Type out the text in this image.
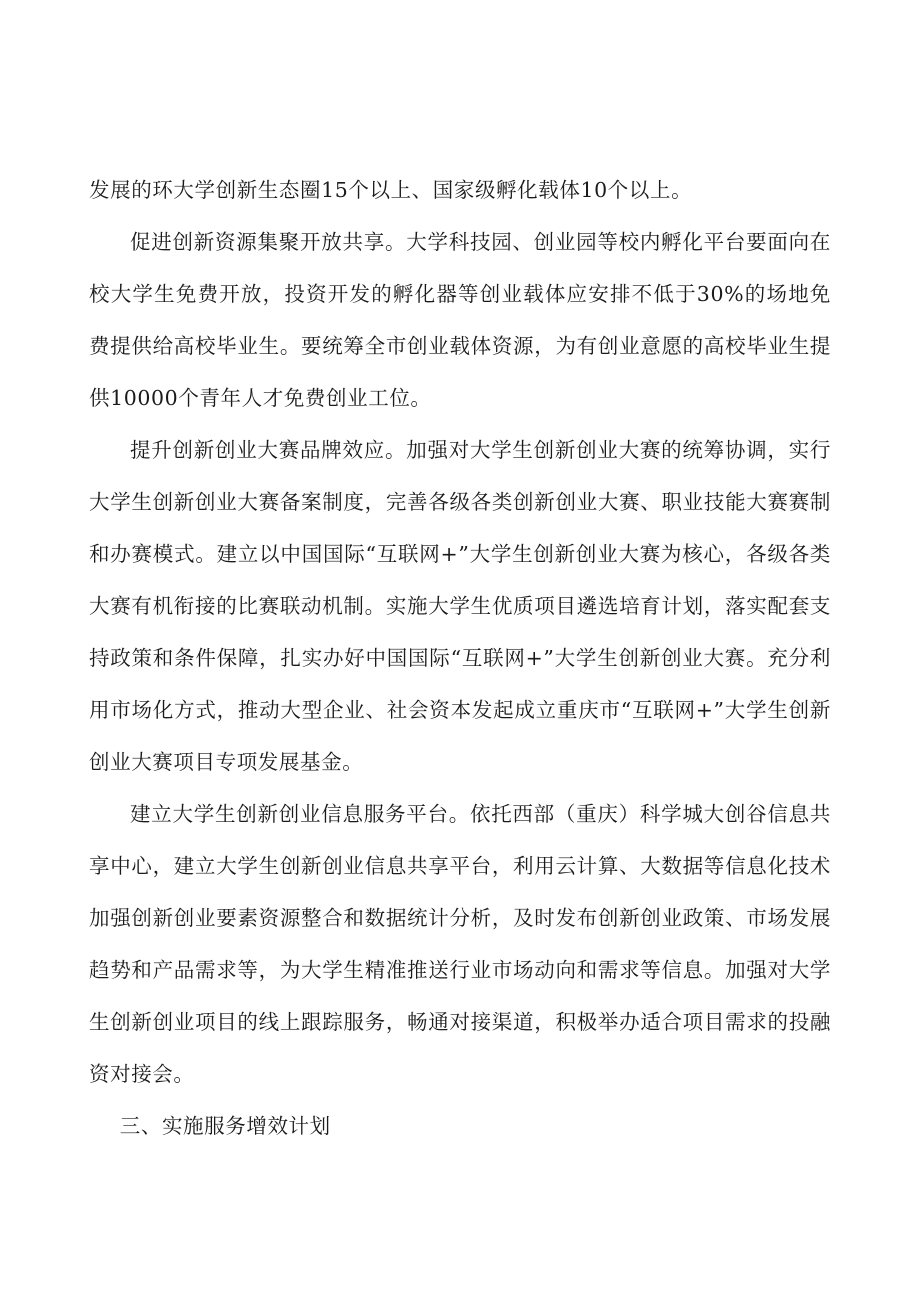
发展的环大学创新生态圈15个以上、国家级孵化载体10个以上。

促进创新资源集聚开放共享。大学科技园、创业园等校内孵化平台要面向在校大学生免费开放，投资开发的孵化器等创业载体应安排不低于30%的场地免费提供给高校毕业生。要统筹全市创业载体资源，为有创业意愿的高校毕业生提供10000个青年人才免费创业工位。

提升创新创业大赛品牌效应。加强对大学生创新创业大赛的统筹协调，实行大学生创新创业大赛备案制度，完善各级各类创新创业大赛、职业技能大赛赛制和办赛模式。建立以中国国际“互联网+”大学生创新创业大赛为核心，各级各类大赛有机衔接的比赛联动机制。实施大学生优质项目遴选培育计划，落实配套支持政策和条件保障，扎实办好中国国际“互联网+”大学生创新创业大赛。充分利用市场化方式，推动大型企业、社会资本发起成立重庆市“互联网+”大学生创新创业大赛项目专项发展基金。

建立大学生创新创业信息服务平台。依托西部（重庆）科学城大创谷信息共享中心，建立大学生创新创业信息共享平台，利用云计算、大数据等信息化技术加强创新创业要素资源整合和数据统计分析，及时发布创新创业政策、市场发展趋势和产品需求等，为大学生精准推送行业市场动向和需求等信息。加强对大学生创新创业项目的线上跟踪服务，畅通对接渠道，积极举办适合项目需求的投融资对接会。

三、实施服务增效计划
